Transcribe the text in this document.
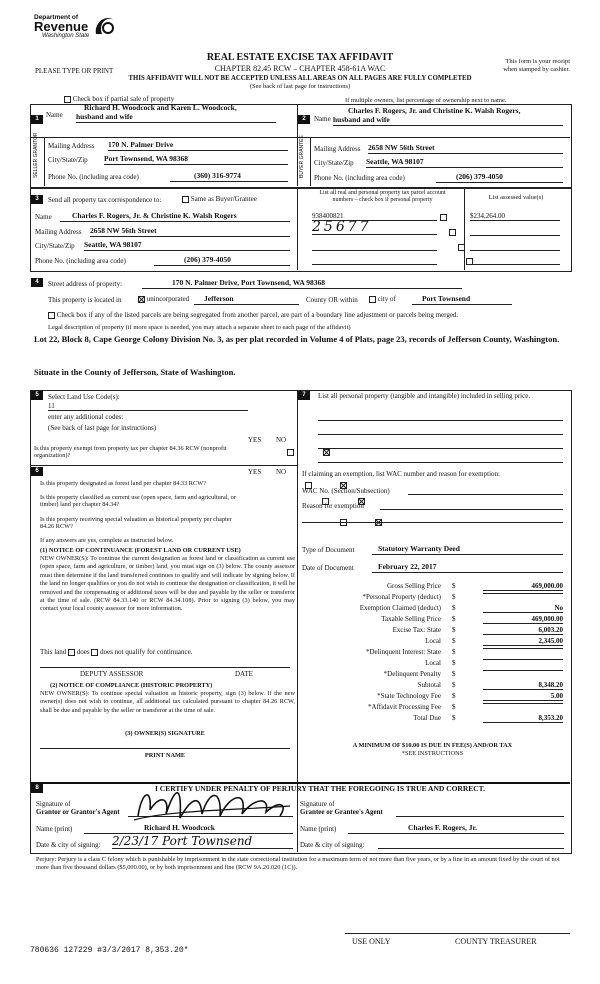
Department of
Revenue
Washington State
REAL ESTATE EXCISE TAX AFFIDAVIT
PLEASE TYPE OR PRINT	CHAPTER 82.45 RCW – CHAPTER 458-61A WAC
This form is your receipt
when stamped by cashier.
THIS AFFIDAVIT WILL NOT BE ACCEPTED UNLESS ALL AREAS ON ALL PAGES ARE FULLY COMPLETED
(See back of last page for instructions)
Check box if partial sale of property	If multiple owners, list percentage of ownership next to name.
1	Name
Richard H. Woodcock and Karen L. Woodcock,
husband and wife
SELLER GRANTOR Mailing Address 170 N. Palmer Drive
City/State/Zip Port Townsend, WA 98368
Phone No. (including area code)	(360) 316-9774
2	Name
Charles F. Rogers, Jr. and Christine K. Walsh Rogers,
husband and wife
BUYER GRANTEE Mailing Address 2658 NW 56th Street
City/State/Zip Seattle, WA 98107
Phone No. (including area code)	(206) 379-4050
3	Send all property tax correspondence to:	Same as Buyer/Grantee
Name	Charles F. Rogers, Jr. & Christine K. Walsh Rogers
Mailing Address 2658 NW 56th Street
City/State/Zip Seattle, WA 98107
Phone No. (including area code)	(206) 379-4050
List all real and personal property tax parcel account
numbers – check box if personal property	List assessed value(s)
938400821
	$234,264.00
25677

4	Street address of property:	170 N. Palmer Drive, Port Townsend, WA 98368
This property is located in	unincorporated	Jefferson	County OR within	city of	Port Townsend
Check box if any of the listed parcels are being segregated from another parcel, are part of a boundary line adjustment or parcels being merged.
Legal description of property (if more space is needed, you may attach a separate sheet to each page of the affidavit)
Lot 22, Block 8, Cape George Colony Division No. 3, as per plat recorded in Volume 4 of Plats, page 23, records of Jefferson County, Washington.
Situate in the County of Jefferson, State of Washington.
5	Select Land Use Code(s):
11
enter any additional codes:
(See back of last page for instructions)
YES NO
Is this property exempt from property tax per chapter 84.36 RCW (nonprofit organization)?

6	YES NO
Is this property designated as forest land per chapter 84.33 RCW?

Is this property classified as current use (open space, farm and agricultural, or timber) land per chapter 84.34?

Is this property receiving special valuation as historical property per chapter 84.26 RCW?

If any answers are yes, complete as instructed below.
(1) NOTICE OF CONTINUANCE (FOREST LAND OR CURRENT USE)
NEW OWNER(S): To continue the current designation as forest land or classification as current use (open space, farm and agriculture, or timber) land, you must sign on (3) below. The county assessor must then determine if the land transferred continues to qualify and will indicate by signing below. If the land no longer qualifies or you do not wish to continue the designation or classification, it will be removed and the compensating or additional taxes will be due and payable by the seller or transferor at the time of sale. (RCW 84.33.140 or RCW 84.34.108). Prior to signing (3) below, you may contact your local county assessor for more information.
This land does does not qualify for continuance.
DEPUTY ASSESSOR	DATE
(2) NOTICE OF COMPLIANCE (HISTORIC PROPERTY)
NEW OWNER(S): To continue special valuation as historic property, sign (3) below. If the new owner(s) does not wish to continue, all additional tax calculated pursuant to chapter 84.26 RCW, shall be due and payable by the seller or transferor at the time of sale.
(3) OWNER(S) SIGNATURE
PRINT NAME
7	List all personal property (tangible and intangible) included in selling price.
If claiming an exemption, list WAC number and reason for exemption:
WAC No. (Section/Subsection)
Reason for exemption
Type of Document	Statutory Warranty Deed
Date of Document	February 22, 2017
Gross Selling Price $	469,000.00
*Personal Property (deduct) $
Exemption Claimed (deduct) $	No
Taxable Selling Price $	469,000.00
Excise Tax: State $	6,003.20
Local $	2,345.00
*Delinquent Interest: State $
Local $
*Delinquent Penalty $
Subtotal $	8,348.20
*State Technology Fee $	5.00
*Affidavit Processing Fee $
Total Due $	8,353.20
A MINIMUM OF $10.00 IS DUE IN FEE(S) AND/OR TAX
*SEE INSTRUCTIONS
8	I CERTIFY UNDER PENALTY OF PERJURY THAT THE FOREGOING IS TRUE AND CORRECT.
Signature of
Grantor or Grantor's Agent
Signature of
Grantee or Grantee's Agent
Name (print)	Richard H. Woodcock	Name (print)	Charles F. Rogers, Jr.
Date & city of signing: 2/23/17 Port Townsend	Date & city of signing:
Perjury: Perjury is a class C felony which is punishable by imprisonment in the state correctional institution for a maximum term of not more than five years, or by a fine in an amount fixed by the court of not more than five thousand dollars ($5,000.00), or by both imprisonment and fine (RCW 9A.20.020 (1C)).
780636 127229 #3/3/2017 8,353.20*
USE ONLY	COUNTY TREASURER
